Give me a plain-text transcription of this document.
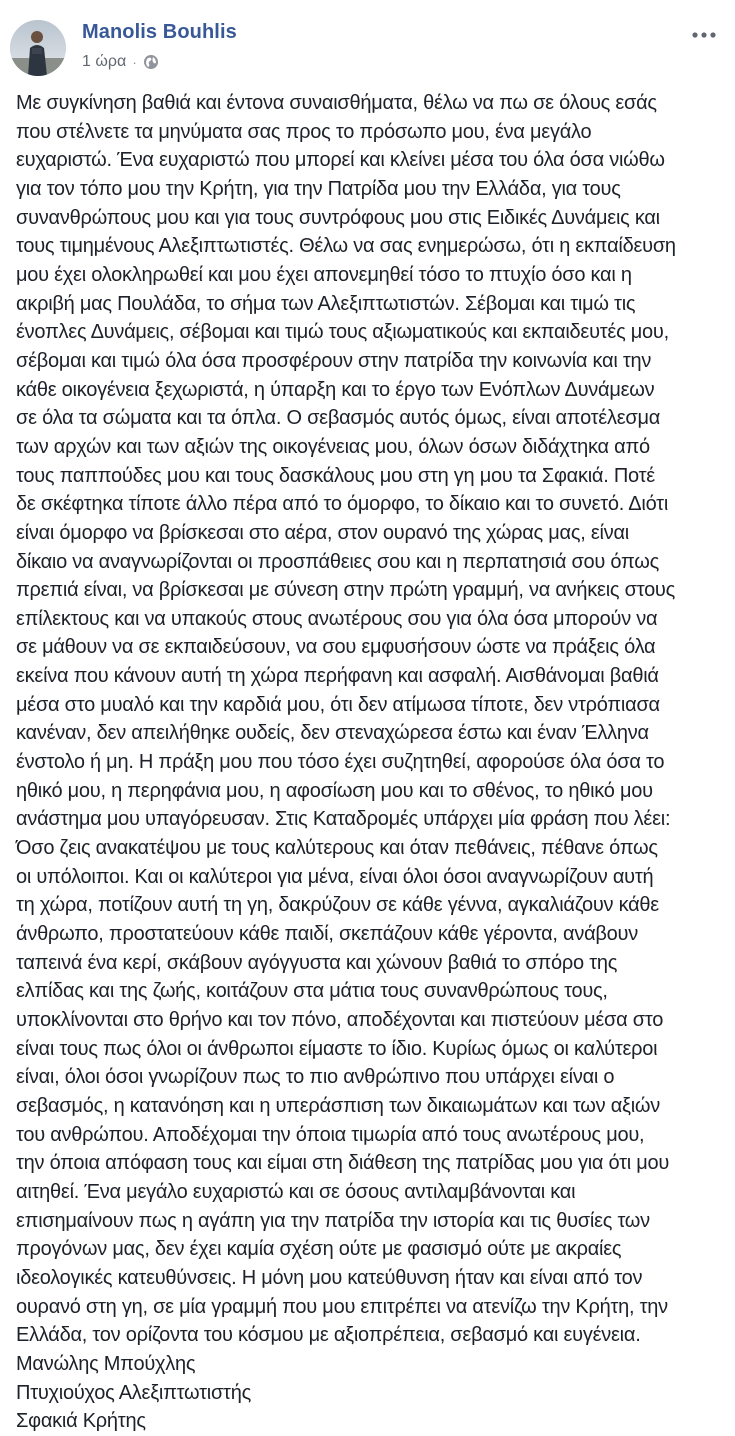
Manolis Bouhlis
1 ώρα ·
Με συγκίνηση βαθιά και έντονα συναισθήματα, θέλω να πω σε όλους εσάς
που στέλνετε τα μηνύματα σας προς το πρόσωπο μου, ένα μεγάλο
ευχαριστώ. Ένα ευχαριστώ που μπορεί και κλείνει μέσα του όλα όσα νιώθω
για τον τόπο μου την Κρήτη, για την Πατρίδα μου την Ελλάδα, για τους
συνανθρώπους μου και για τους συντρόφους μου στις Ειδικές Δυνάμεις και
τους τιμημένους Αλεξιπτωτιστές. Θέλω να σας ενημερώσω, ότι η εκπαίδευση
μου έχει ολοκληρωθεί και μου έχει απονεμηθεί τόσο το πτυχίο όσο και η
ακριβή μας Πουλάδα, το σήμα των Αλεξιπτωτιστών. Σέβομαι και τιμώ τις
ένοπλες Δυνάμεις, σέβομαι και τιμώ τους αξιωματικούς και εκπαιδευτές μου,
σέβομαι και τιμώ όλα όσα προσφέρουν στην πατρίδα την κοινωνία και την
κάθε οικογένεια ξεχωριστά, η ύπαρξη και το έργο των Ενόπλων Δυνάμεων
σε όλα τα σώματα και τα όπλα. Ο σεβασμός αυτός όμως, είναι αποτέλεσμα
των αρχών και των αξιών της οικογένειας μου, όλων όσων διδάχτηκα από
τους παππούδες μου και τους δασκάλους μου στη γη μου τα Σφακιά. Ποτέ
δε σκέφτηκα τίποτε άλλο πέρα από το όμορφο, το δίκαιο και το συνετό. Διότι
είναι όμορφο να βρίσκεσαι στο αέρα, στον ουρανό της χώρας μας, είναι
δίκαιο να αναγνωρίζονται οι προσπάθειες σου και η περπατησιά σου όπως
πρεπιά είναι, να βρίσκεσαι με σύνεση στην πρώτη γραμμή, να ανήκεις στους
επίλεκτους και να υπακούς στους ανωτέρους σου για όλα όσα μπορούν να
σε μάθουν να σε εκπαιδεύσουν, να σου εμφυσήσουν ώστε να πράξεις όλα
εκείνα που κάνουν αυτή τη χώρα περήφανη και ασφαλή. Αισθάνομαι βαθιά
μέσα στο μυαλό και την καρδιά μου, ότι δεν ατίμωσα τίποτε, δεν ντρόπιασα
κανέναν, δεν απειλήθηκε ουδείς, δεν στεναχώρεσα έστω και έναν Έλληνα
ένστολο ή μη. Η πράξη μου που τόσο έχει συζητηθεί, αφορούσε όλα όσα το
ηθικό μου, η περηφάνια μου, η αφοσίωση μου και το σθένος, το ηθικό μου
ανάστημα μου υπαγόρευσαν. Στις Καταδρομές υπάρχει μία φράση που λέει:
Όσο ζεις ανακατέψου με τους καλύτερους και όταν πεθάνεις, πέθανε όπως
οι υπόλοιποι. Και οι καλύτεροι για μένα, είναι όλοι όσοι αναγνωρίζουν αυτή
τη χώρα, ποτίζουν αυτή τη γη, δακρύζουν σε κάθε γέννα, αγκαλιάζουν κάθε
άνθρωπο, προστατεύουν κάθε παιδί, σκεπάζουν κάθε γέροντα, ανάβουν
ταπεινά ένα κερί, σκάβουν αγόγγυστα και χώνουν βαθιά το σπόρο της
ελπίδας και της ζωής, κοιτάζουν στα μάτια τους συνανθρώπους τους,
υποκλίνονται στο θρήνο και τον πόνο, αποδέχονται και πιστεύουν μέσα στο
είναι τους πως όλοι οι άνθρωποι είμαστε το ίδιο. Κυρίως όμως οι καλύτεροι
είναι, όλοι όσοι γνωρίζουν πως το πιο ανθρώπινο που υπάρχει είναι ο
σεβασμός, η κατανόηση και η υπεράσπιση των δικαιωμάτων και των αξιών
του ανθρώπου. Αποδέχομαι την όποια τιμωρία από τους ανωτέρους μου,
την όποια απόφαση τους και είμαι στη διάθεση της πατρίδας μου για ότι μου
αιτηθεί. Ένα μεγάλο ευχαριστώ και σε όσους αντιλαμβάνονται και
επισημαίνουν πως η αγάπη για την πατρίδα την ιστορία και τις θυσίες των
προγόνων μας, δεν έχει καμία σχέση ούτε με φασισμό ούτε με ακραίες
ιδεολογικές κατευθύνσεις. Η μόνη μου κατεύθυνση ήταν και είναι από τον
ουρανό στη γη, σε μία γραμμή που μου επιτρέπει να ατενίζω την Κρήτη, την
Ελλάδα, τον ορίζοντα του κόσμου με αξιοπρέπεια, σεβασμό και ευγένεια.
Μανώλης Μπούχλης
Πτυχιούχος Αλεξιπτωτιστής
Σφακιά Κρήτης
